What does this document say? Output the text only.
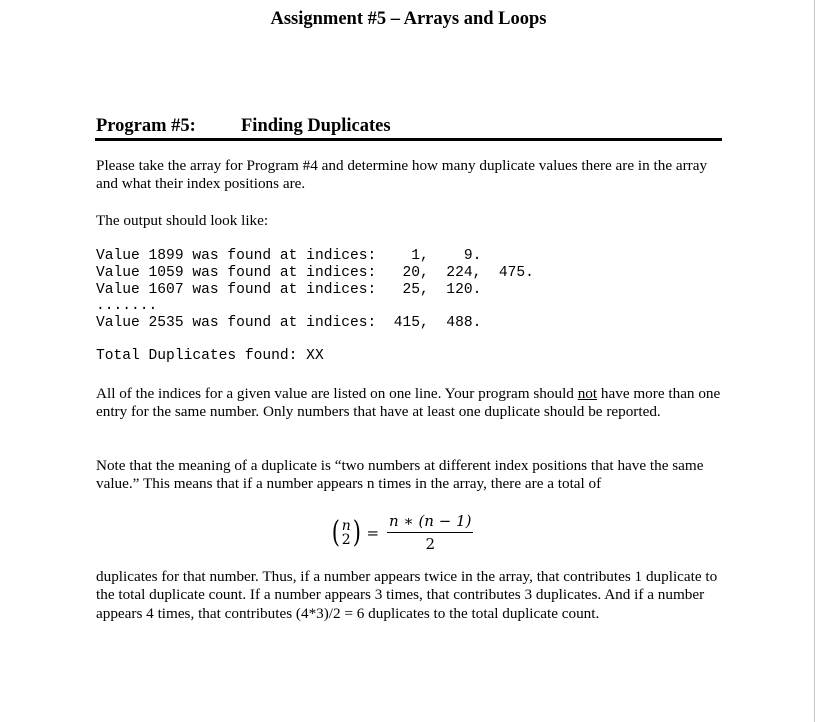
Assignment #5 – Arrays and Loops
Program #5: Finding Duplicates
Please take the array for Program #4 and determine how many duplicate values there are in the array and what their index positions are.
The output should look like:
Value 1899 was found at indices:    1,    9.
Value 1059 was found at indices:   20,  224,  475.
Value 1607 was found at indices:   25,  120.
.......
Value 2535 was found at indices:  415,  488.
Total Duplicates found: XX
All of the indices for a given value are listed on one line. Your program should not have more than one entry for the same number. Only numbers that have at least one duplicate should be reported.
Note that the meaning of a duplicate is “two numbers at different index positions that have the same value.” This means that if a number appears n times in the array, there are a total of
( n
2 ) = $\frac{n ∗ (n - 1)}{2}$
duplicates for that number. Thus, if a number appears twice in the array, that contributes 1 duplicate to the total duplicate count. If a number appears 3 times, that contributes 3 duplicates. And if a number appears 4 times, that contributes (4*3)/2 = 6 duplicates to the total duplicate count.
